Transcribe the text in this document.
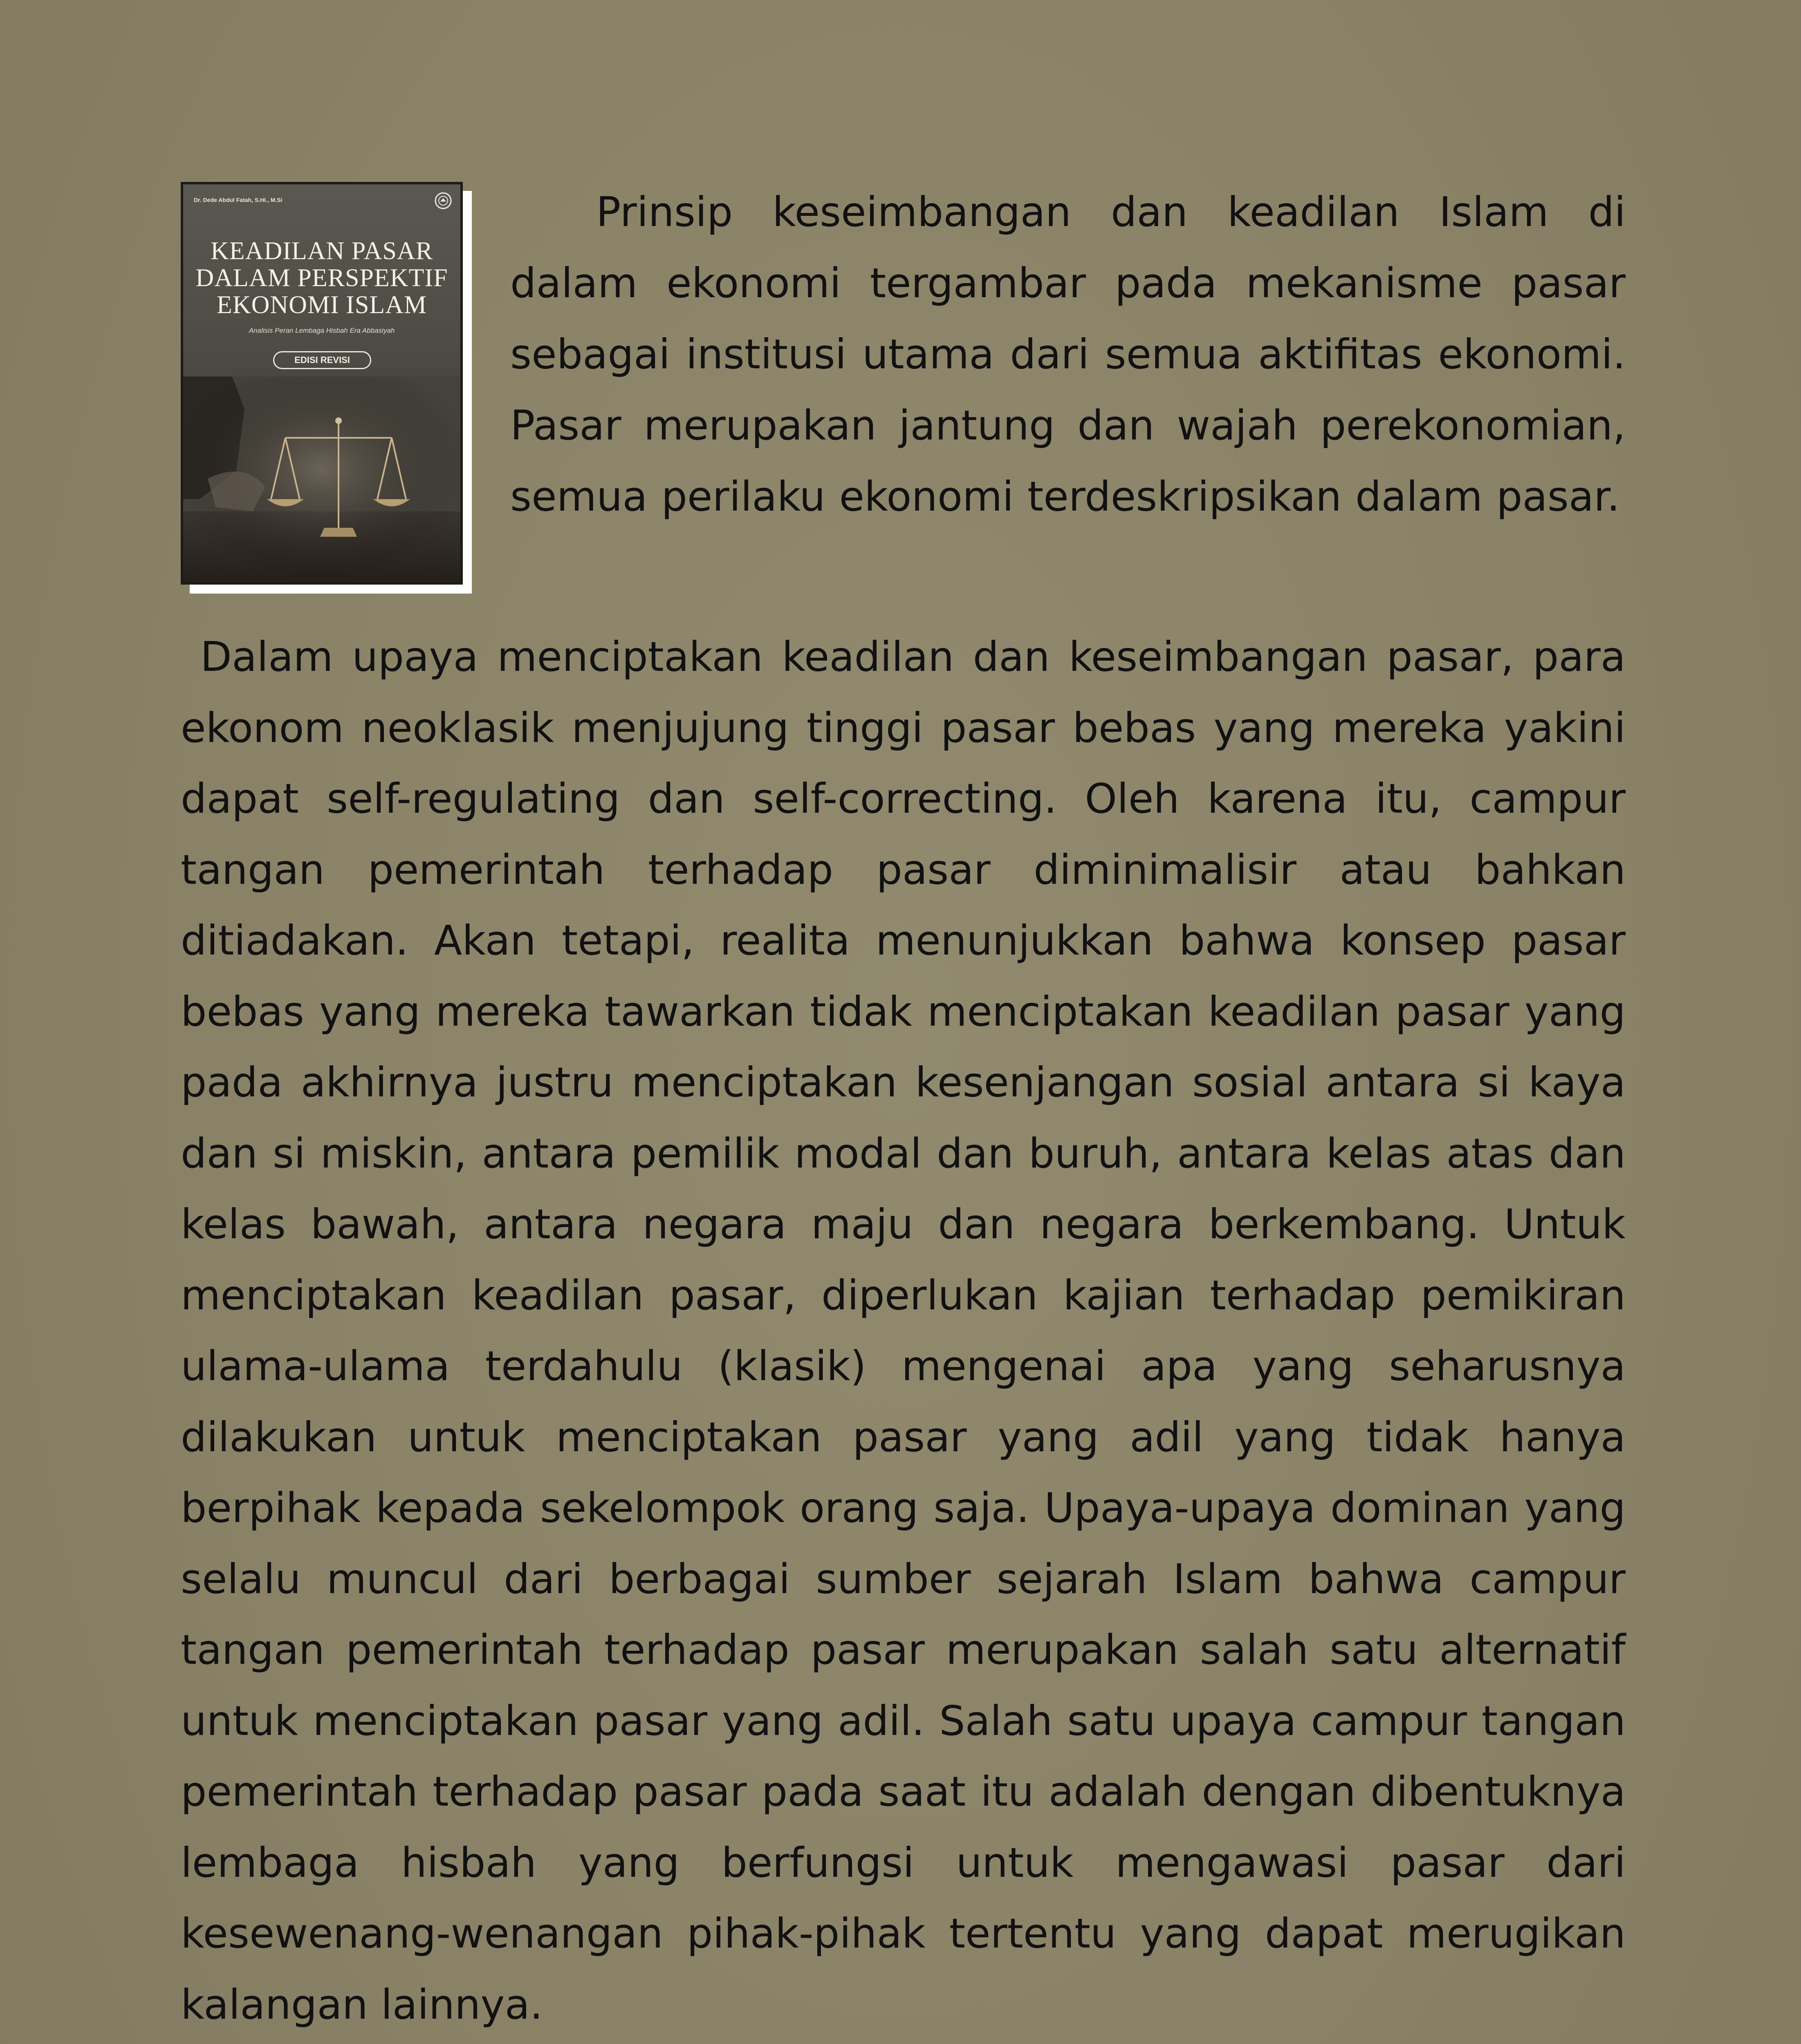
Dr. Dede Abdul Fatah, S.HI., M.Si
KEADILAN PASAR
DALAM PERSPEKTIF
EKONOMI ISLAM
Analisis Peran Lembaga Hisbah Era Abbasiyah
EDISI REVISI

Prinsip keseimbangan dan keadilan Islam di dalam ekonomi tergambar pada mekanisme pasar sebagai institusi utama dari semua aktifitas ekonomi. Pasar merupakan jantung dan wajah perekonomian, semua perilaku ekonomi terdeskripsikan dalam pasar.

Dalam upaya menciptakan keadilan dan keseimbangan pasar, para ekonom neoklasik menjujung tinggi pasar bebas yang mereka yakini dapat self-regulating dan self-correcting. Oleh karena itu, campur tangan pemerintah terhadap pasar diminimalisir atau bahkan ditiadakan. Akan tetapi, realita menunjukkan bahwa konsep pasar bebas yang mereka tawarkan tidak menciptakan keadilan pasar yang pada akhirnya justru menciptakan kesenjangan sosial antara si kaya dan si miskin, antara pemilik modal dan buruh, antara kelas atas dan kelas bawah, antara negara maju dan negara berkembang. Untuk menciptakan keadilan pasar, diperlukan kajian terhadap pemikiran ulama-ulama terdahulu (klasik) mengenai apa yang seharusnya dilakukan untuk menciptakan pasar yang adil yang tidak hanya berpihak kepada sekelompok orang saja. Upaya-upaya dominan yang selalu muncul dari berbagai sumber sejarah Islam bahwa campur tangan pemerintah terhadap pasar merupakan salah satu alternatif untuk menciptakan pasar yang adil. Salah satu upaya campur tangan pemerintah terhadap pasar pada saat itu adalah dengan dibentuknya lembaga hisbah yang berfungsi untuk mengawasi pasar dari kesewenang-wenangan pihak-pihak tertentu yang dapat merugikan kalangan lainnya.
